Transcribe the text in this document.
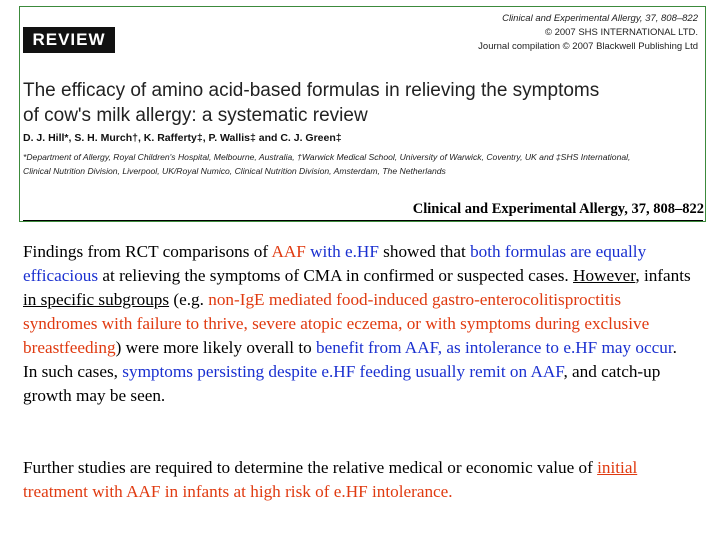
REVIEW
Clinical and Experimental Allergy, 37, 808–822
© 2007 SHS INTERNATIONAL LTD.
Journal compilation © 2007 Blackwell Publishing Ltd
The efficacy of amino acid-based formulas in relieving the symptoms
of cow's milk allergy: a systematic review
D. J. Hill*, S. H. Murch†, K. Rafferty‡, P. Wallis‡ and C. J. Green‡
*Department of Allergy, Royal Children's Hospital, Melbourne, Australia, †Warwick Medical School, University of Warwick, Coventry, UK and ‡SHS International,
Clinical Nutrition Division, Liverpool, UK/Royal Numico, Clinical Nutrition Division, Amsterdam, The Netherlands
Clinical and Experimental Allergy, 37, 808–822
Findings from RCT comparisons of AAF with e.HF showed that both formulas are equally efficacious at relieving the symptoms of CMA in confirmed or suspected cases. However, infants in specific subgroups (e.g. non-IgE mediated food-induced gastro-enterocolitisproctitis syndromes with failure to thrive, severe atopic eczema, or with symptoms during exclusive breastfeeding) were more likely overall to benefit from AAF, as intolerance to e.HF may occur. In such cases, symptoms persisting despite e.HF feeding usually remit on AAF, and catch-up growth may be seen.
Further studies are required to determine the relative medical or economic value of initial treatment with AAF in infants at high risk of e.HF intolerance.
